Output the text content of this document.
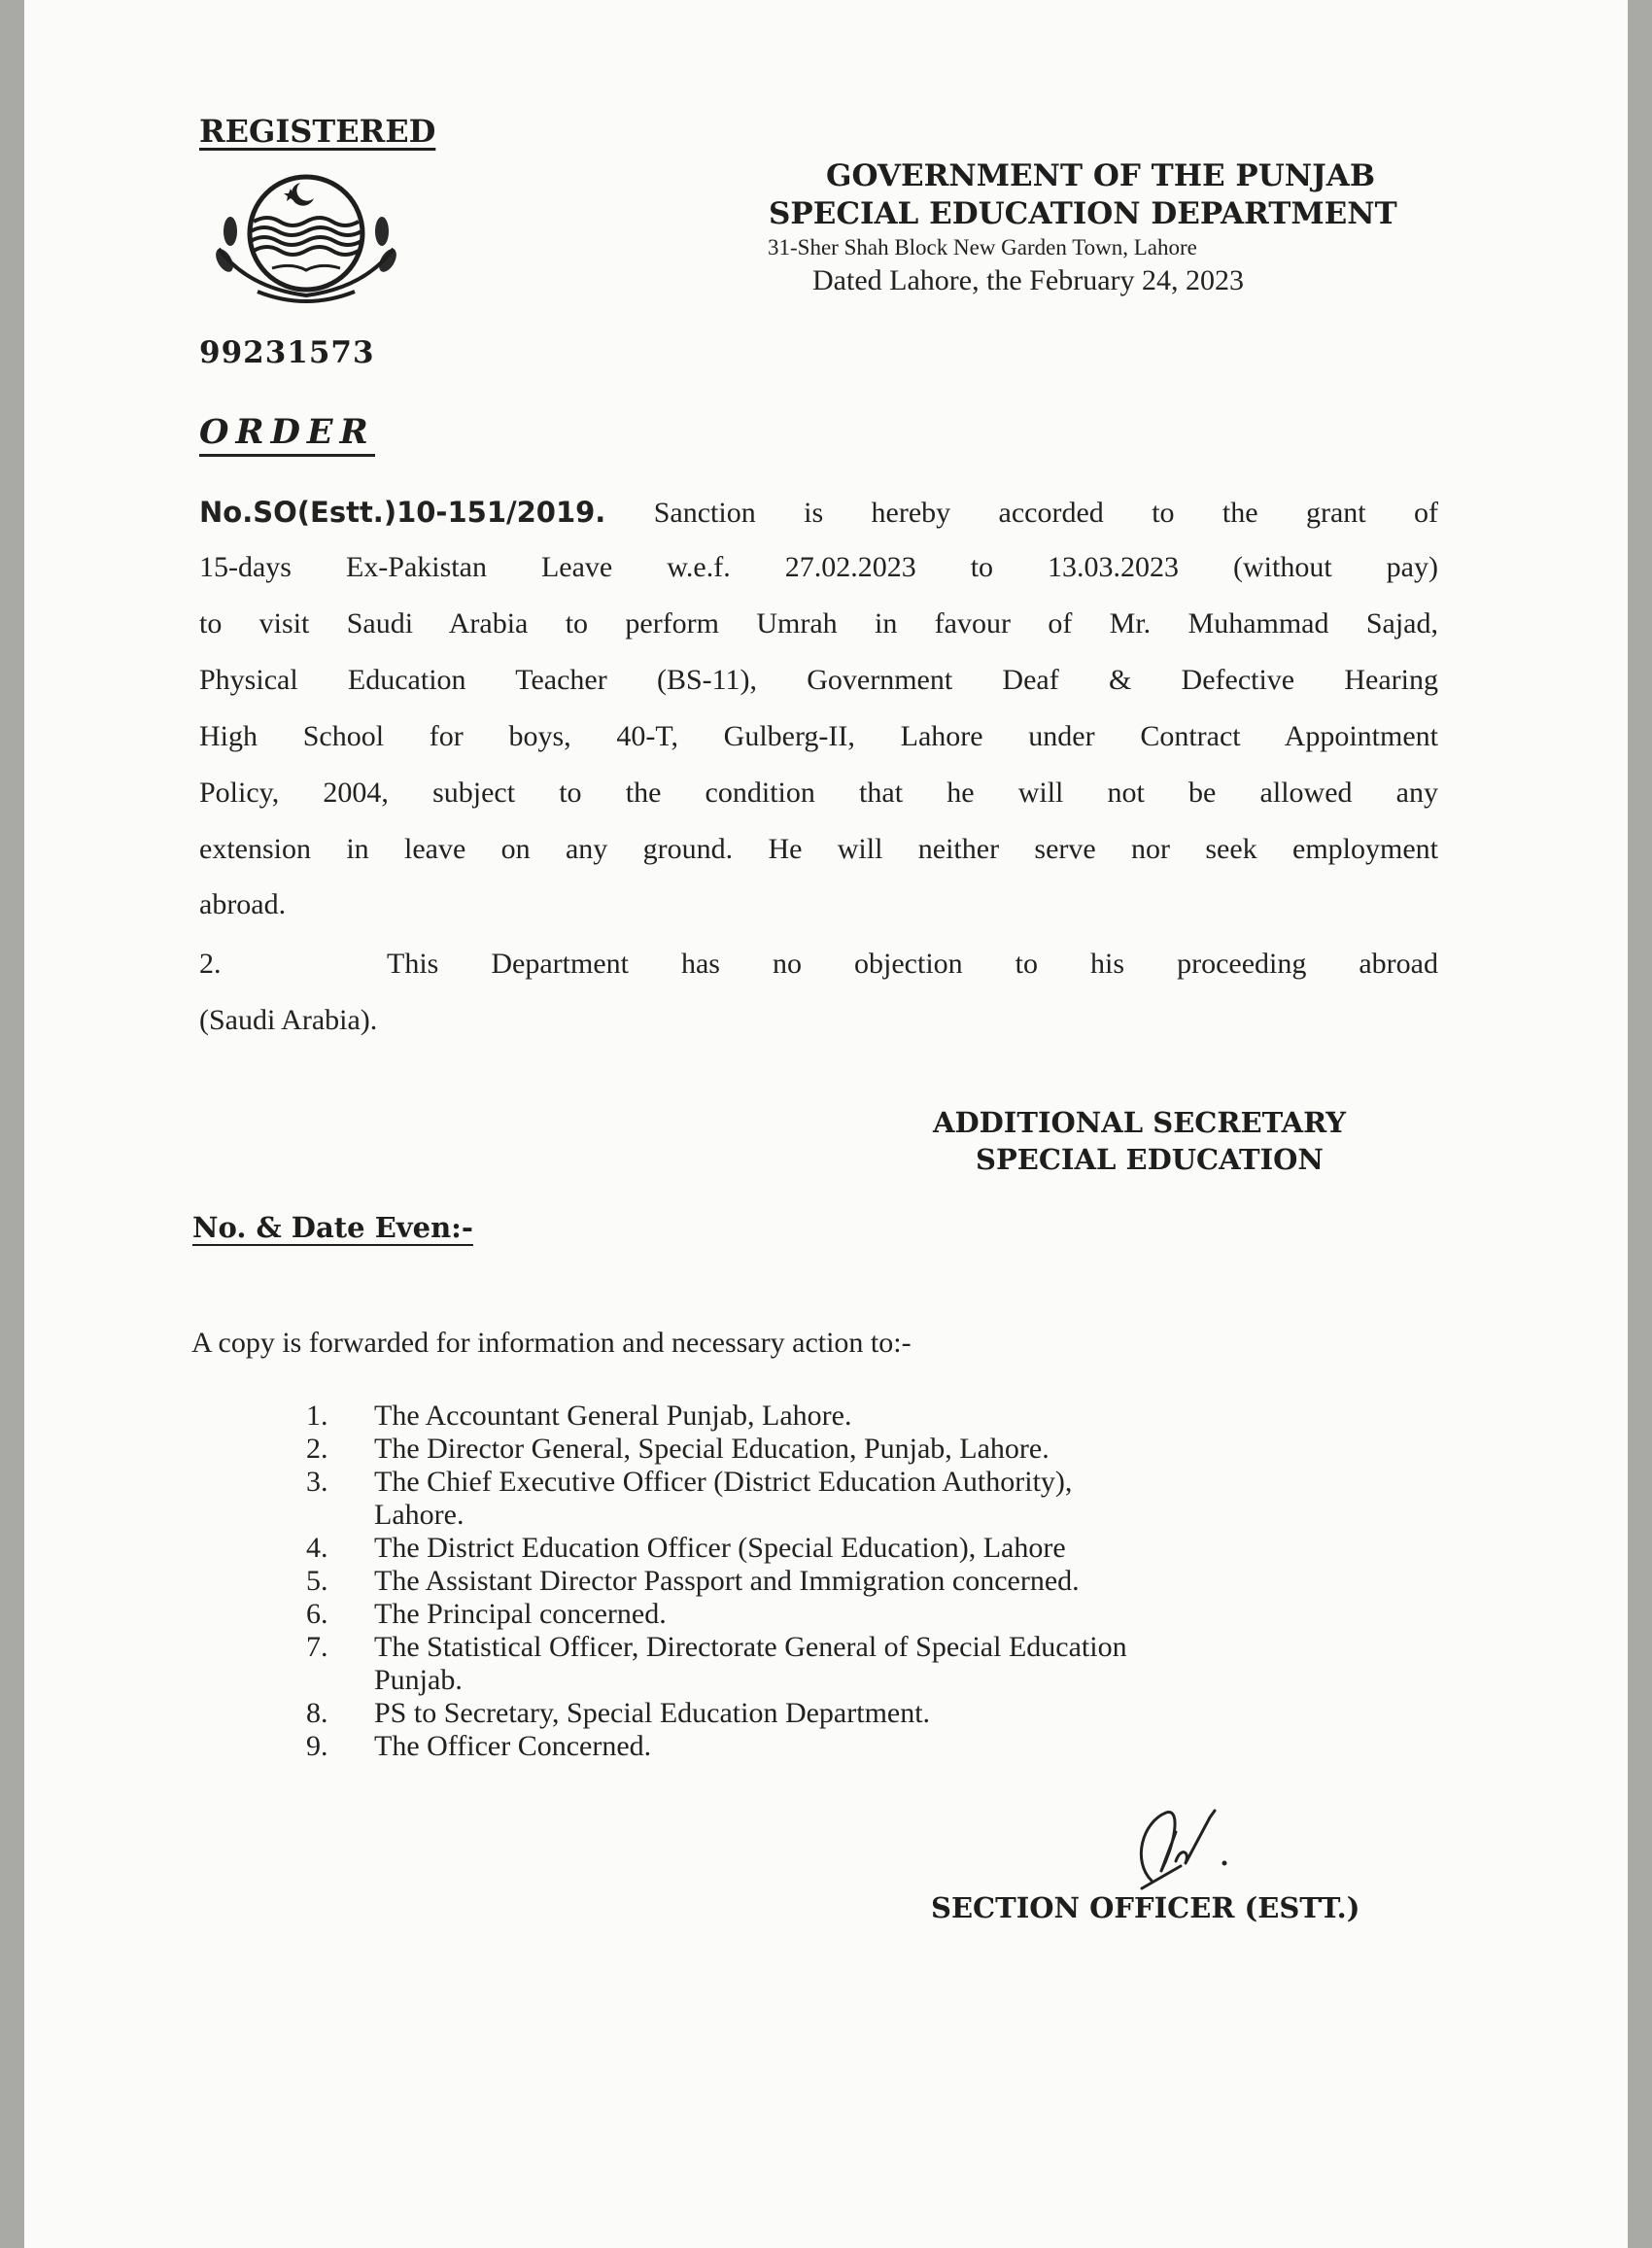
REGISTERED
99231573
ORDER
GOVERNMENT OF THE PUNJAB
SPECIAL EDUCATION DEPARTMENT
31-Sher Shah Block New Garden Town, Lahore
Dated Lahore, the February 24, 2023
No.SO(Estt.)10-151/2019. Sanction is hereby accorded to the grant of
15-days Ex-Pakistan Leave w.e.f. 27.02.2023 to 13.03.2023 (without pay)
to visit Saudi Arabia to perform Umrah in favour of Mr. Muhammad Sajad,
Physical Education Teacher (BS-11), Government Deaf & Defective Hearing
High School for boys, 40-T, Gulberg-II, Lahore under Contract Appointment
Policy, 2004, subject to the condition that he will not be allowed any
extension in leave on any ground. He will neither serve nor seek employment
abroad.
2.	This Department has no objection to his proceeding abroad
(Saudi Arabia).
ADDITIONAL SECRETARY
SPECIAL EDUCATION
No. & Date Even:-
A copy is forwarded for information and necessary action to:-
1.	The Accountant General Punjab, Lahore.
2.	The Director General, Special Education, Punjab, Lahore.
3.	The Chief Executive Officer (District Education Authority),
Lahore.
4.	The District Education Officer (Special Education), Lahore
5.	The Assistant Director Passport and Immigration concerned.
6.	The Principal concerned.
7.	The Statistical Officer, Directorate General of Special Education
Punjab.
8.	PS to Secretary, Special Education Department.
9.	The Officer Concerned.
SECTION OFFICER (ESTT.)
